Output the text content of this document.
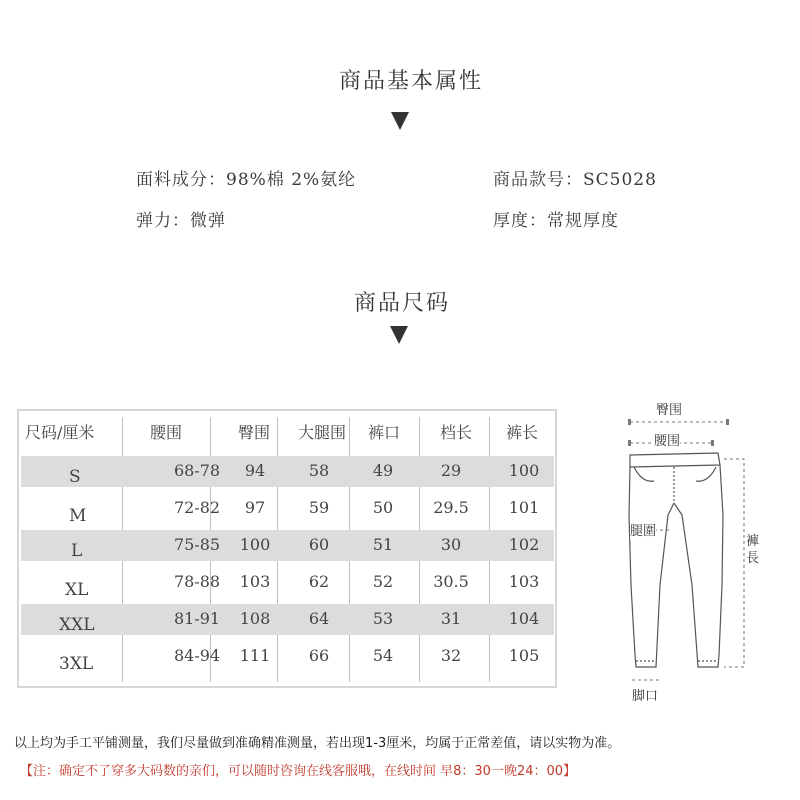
商品基本属性
面料成分：98%棉 2%氨纶	商品款号：SC5028
弹力：微弹	厚度：常规厚度
商品尺码
尺码/厘米	腰围	臀围	大腿围	裤口	档长	裤长
S	68-78	94	58	49	29	100
M	72-82	97	59	50	29.5	101
L	75-85	100	60	51	30	102
XL	78-88	103	62	52	30.5	103
XXL	81-91	108	64	53	31	104
3XL	84-94	111	66	54	32	105
臀围
腰围
腿圍
褲長
脚口
以上均为手工平铺测量，我们尽量做到准确精准测量，若出现1-3厘米，均属于正常差值，请以实物为准。
【注：确定不了穿多大码数的亲们，可以随时咨询在线客服哦，在线时间 早8：30一晚24：00】
